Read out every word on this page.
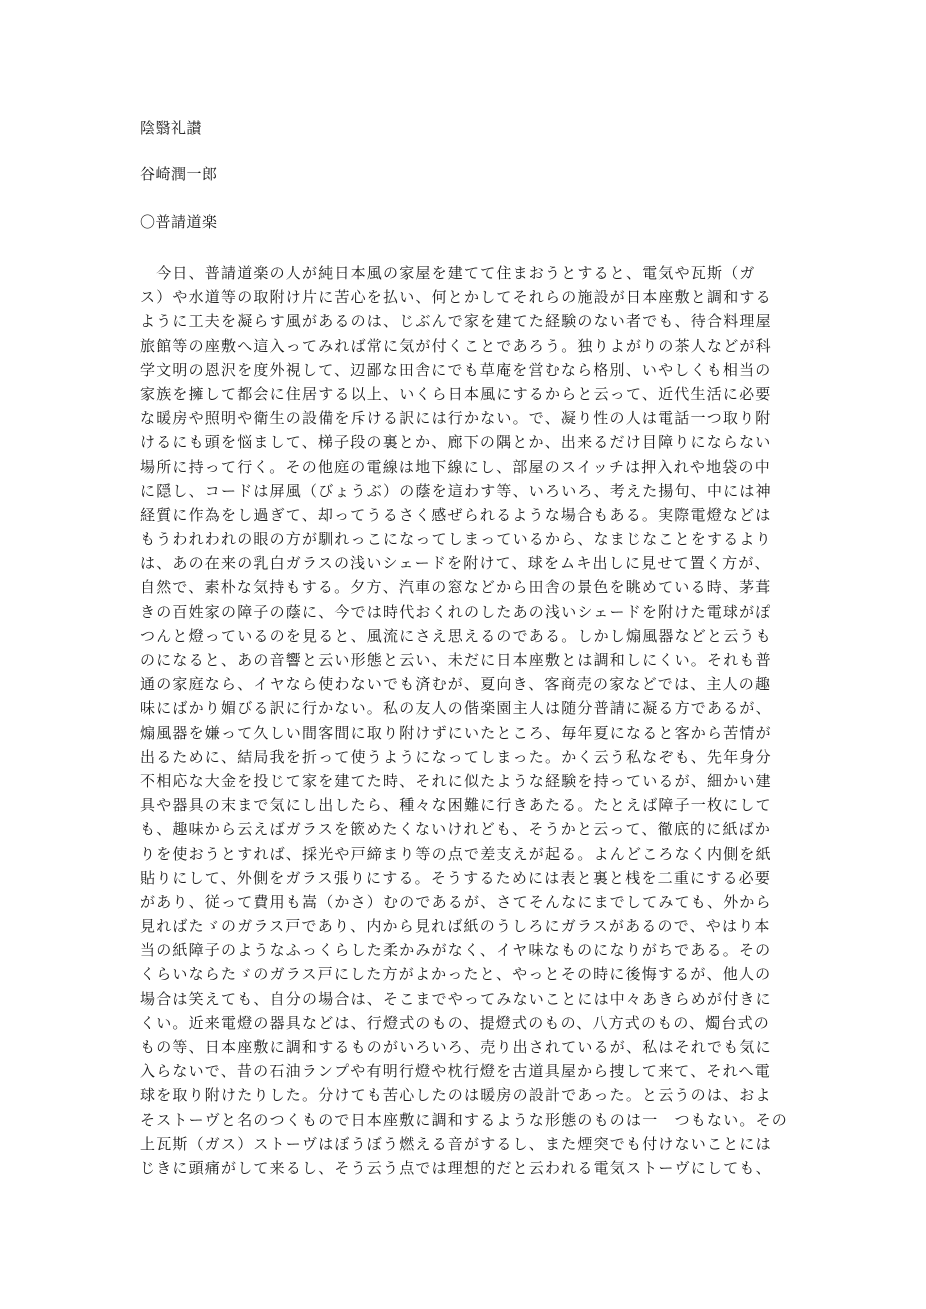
陰翳礼讃
谷崎潤一郎
〇普請道楽
　今日、普請道楽の人が純日本風の家屋を建てて住まおうとすると、電気や瓦斯（ガ
ス）や水道等の取附け片に苦心を払い、何とかしてそれらの施設が日本座敷と調和する
ように工夫を凝らす風があるのは、じぶんで家を建てた経験のない者でも、待合料理屋
旅館等の座敷へ這入ってみれば常に気が付くことであろう。独りよがりの茶人などが科
学文明の恩沢を度外視して、辺鄙な田舎にでも草庵を営むなら格別、いやしくも相当の
家族を擁して都会に住居する以上、いくら日本風にするからと云って、近代生活に必要
な暖房や照明や衛生の設備を斥ける訳には行かない。で、凝り性の人は電話一つ取り附
けるにも頭を悩まして、梯子段の裏とか、廊下の隅とか、出来るだけ目障りにならない
場所に持って行く。その他庭の電線は地下線にし、部屋のスイッチは押入れや地袋の中
に隠し、コードは屏風（びょうぶ）の蔭を這わす等、いろいろ、考えた揚句、中には神
経質に作為をし過ぎて、却ってうるさく感ぜられるような場合もある。実際電燈などは
もうわれわれの眼の方が馴れっこになってしまっているから、なまじなことをするより
は、あの在来の乳白ガラスの浅いシェードを附けて、球をムキ出しに見せて置く方が、
自然で、素朴な気持もする。夕方、汽車の窓などから田舎の景色を眺めている時、茅葺
きの百姓家の障子の蔭に、今では時代おくれのしたあの浅いシェードを附けた電球がぽ
つんと燈っているのを見ると、風流にさえ思えるのである。しかし煽風器などと云うも
のになると、あの音響と云い形態と云い、未だに日本座敷とは調和しにくい。それも普
通の家庭なら、イヤなら使わないでも済むが、夏向き、客商売の家などでは、主人の趣
味にばかり媚びる訳に行かない。私の友人の偕楽園主人は随分普請に凝る方であるが、
煽風器を嫌って久しい間客間に取り附けずにいたところ、毎年夏になると客から苦情が
出るために、結局我を折って使うようになってしまった。かく云う私なぞも、先年身分
不相応な大金を投じて家を建てた時、それに似たような経験を持っているが、細かい建
具や器具の末まで気にし出したら、種々な困難に行きあたる。たとえば障子一枚にして
も、趣味から云えばガラスを篏めたくないけれども、そうかと云って、徹底的に紙ばか
りを使おうとすれば、採光や戸締まり等の点で差支えが起る。よんどころなく内側を紙
貼りにして、外側をガラス張りにする。そうするためには表と裏と桟を二重にする必要
があり、従って費用も嵩（かさ）むのであるが、さてそんなにまでしてみても、外から
見ればたゞのガラス戸であり、内から見れば紙のうしろにガラスがあるので、やはり本
当の紙障子のようなふっくらした柔かみがなく、イヤ味なものになりがちである。その
くらいならたゞのガラス戸にした方がよかったと、やっとその時に後悔するが、他人の
場合は笑えても、自分の場合は、そこまでやってみないことには中々あきらめが付きに
くい。近来電燈の器具などは、行燈式のもの、提燈式のもの、八方式のもの、燭台式の
もの等、日本座敷に調和するものがいろいろ、売り出されているが、私はそれでも気に
入らないで、昔の石油ランプや有明行燈や枕行燈を古道具屋から捜して来て、それへ電
球を取り附けたりした。分けても苦心したのは暖房の設計であった。と云うのは、およ
そストーヴと名のつくもので日本座敷に調和するような形態のものは一　つもない。その
上瓦斯（ガス）ストーヴはぼうぼう燃える音がするし、また煙突でも付けないことには
じきに頭痛がして来るし、そう云う点では理想的だと云われる電気ストーヴにしても、
